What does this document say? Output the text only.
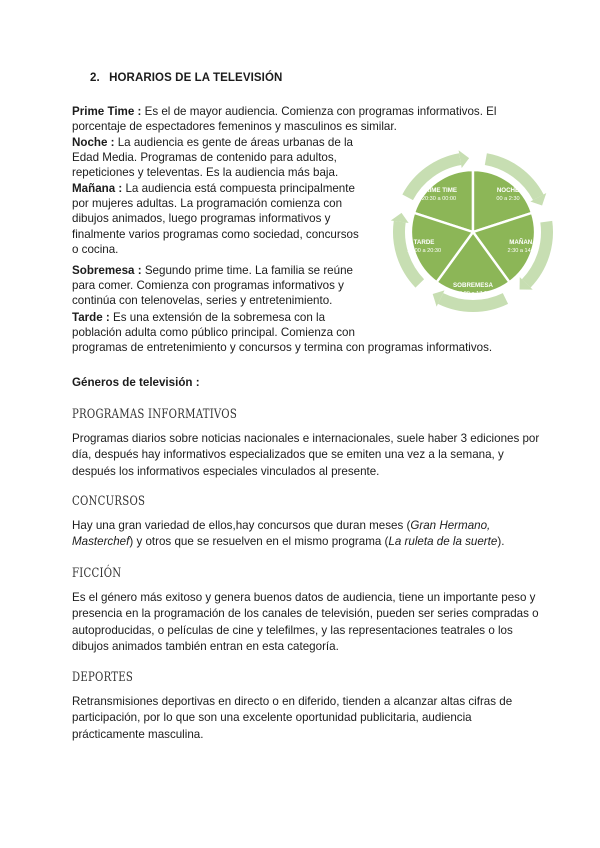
2. HORARIOS DE LA TELEVISIÓN
Prime Time : Es el de mayor audiencia. Comienza con programas informativos. El
porcentaje de espectadores femeninos y masculinos es similar.
Noche : La audiencia es gente de áreas urbanas de la
Edad Media. Programas de contenido para adultos,
repeticiones y televentas. Es la audiencia más baja.
Mañana : La audiencia está compuesta principalmente
por mujeres adultas. La programación comienza con
dibujos animados, luego programas informativos y
finalmente varios programas como sociedad, concursos
o cocina.
Sobremesa : Segundo prime time. La familia se reúne
para comer. Comienza con programas informativos y
continúa con telenovelas, series y entretenimiento.
Tarde : Es una extensión de la sobremesa con la
población adulta como público principal. Comienza con
programas de entretenimiento y concursos y termina con programas informativos.
PRIME TIME
20:30 a 00:00
NOCHE
00 a 2:30
MAÑANA
2:30 a 14:00
SOBREMESA
14:00 a 17:00
TARDE
17:00 a 20:30
Géneros de televisión :
PROGRAMAS INFORMATIVOS

Programas diarios sobre noticias nacionales e internacionales, suele haber 3 ediciones por día, después hay informativos especializados que se emiten una vez a la semana, y después los informativos especiales vinculados al presente.

CONCURSOS

Hay una gran variedad de ellos,hay concursos que duran meses (Gran Hermano, Masterchef) y otros que se resuelven en el mismo programa (La ruleta de la suerte).

FICCIÓN

Es el género más exitoso y genera buenos datos de audiencia, tiene un importante peso y presencia en la programación de los canales de televisión, pueden ser series compradas o autoproducidas, o películas de cine y telefilmes, y las representaciones teatrales o los dibujos animados también entran en esta categoría.

DEPORTES

Retransmisiones deportivas en directo o en diferido, tienden a alcanzar altas cifras de participación, por lo que son una excelente oportunidad publicitaria, audiencia prácticamente masculina.
